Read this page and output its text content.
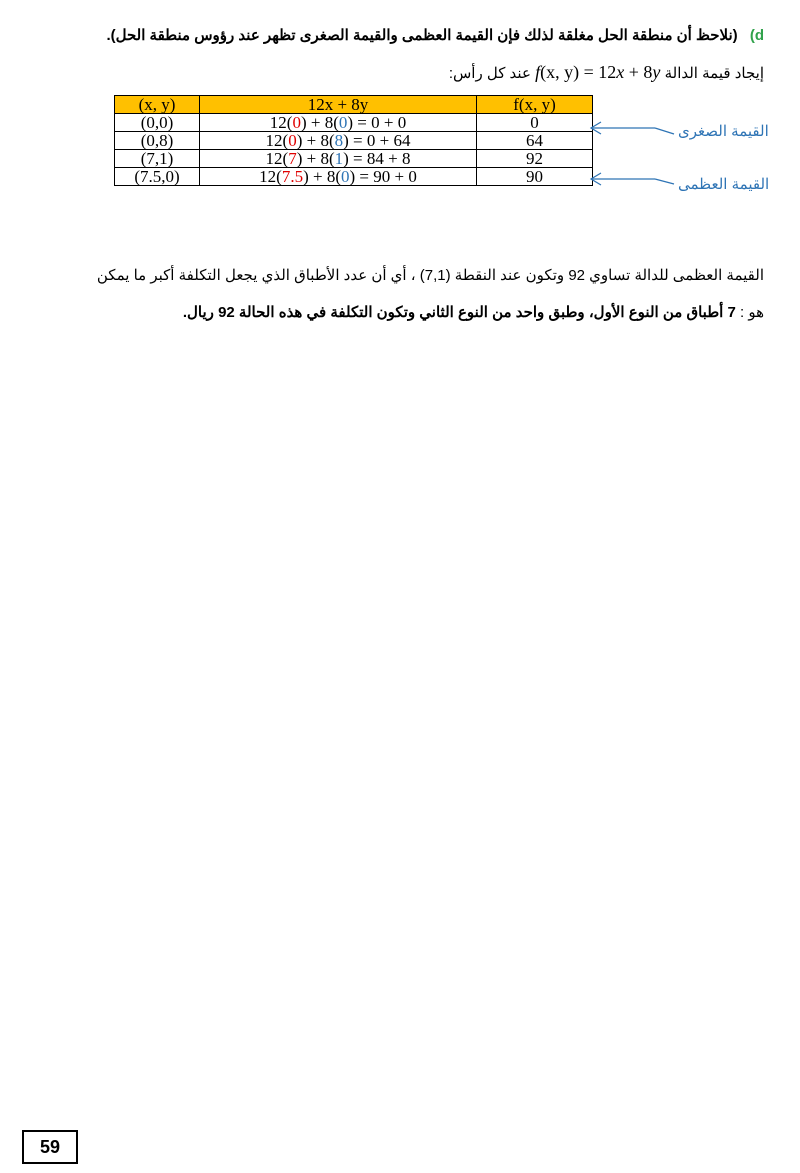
d) (نلاحظ أن منطقة الحل مغلقة لذلك فإن القيمة العظمى والقيمة الصغرى تظهر عند رؤوس منطقة الحل).
إيجاد قيمة الدالة f(x, y) = 12x + 8y عند كل رأس:
(x, y)	12x + 8y	f(x, y)
(0,0)	12(0) + 8(0) = 0 + 0	0
(0,8)	12(0) + 8(8) = 0 + 64	64
(7,1)	12(7) + 8(1) = 84 + 8	92
(7.5,0)	12(7.5) + 8(0) = 90 + 0	90
القيمة الصغرى
القيمة العظمى
القيمة العظمى للدالة تساوي 92 وتكون عند النقطة (7,1) ، أي أن عدد الأطباق الذي يجعل التكلفة أكبر ما يمكن
هو : 7 أطباق من النوع الأول، وطبق واحد من النوع الثاني وتكون التكلفة في هذه الحالة 92 ريال.
59
